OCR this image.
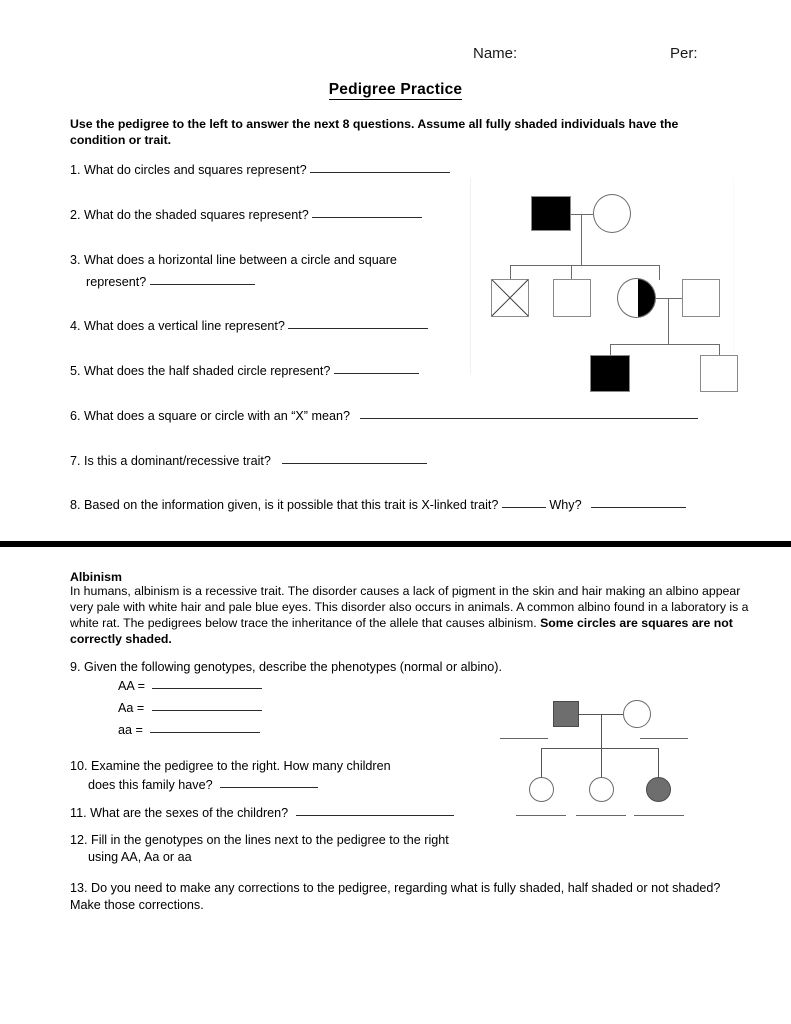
Name:	Per:
Pedigree Practice
Use the pedigree to the left to answer the next 8 questions. Assume all fully shaded individuals have the condition or trait.
1. What do circles and squares represent?
2. What do the shaded squares represent?
3. What does a horizontal line between a circle and square
represent?
4. What does a vertical line represent?
5. What does the half shaded circle represent?
6. What does a square or circle with an “X” mean?
7. Is this a dominant/recessive trait?
8. Based on the information given, is it possible that this trait is X-linked trait?	Why?
Albinism
In humans, albinism is a recessive trait. The disorder causes a lack of pigment in the skin and hair making an albino appear very pale with white hair and pale blue eyes. This disorder also occurs in animals. A common albino found in a laboratory is a white rat. The pedigrees below trace the inheritance of the allele that causes albinism. Some circles are squares are not correctly shaded.
9. Given the following genotypes, describe the phenotypes (normal or albino).
AA =
Aa =
aa =
10. Examine the pedigree to the right. How many children
does this family have?
11. What are the sexes of the children?
12. Fill in the genotypes on the lines next to the pedigree to the right
using AA, Aa or aa
13. Do you need to make any corrections to the pedigree, regarding what is fully shaded, half shaded or not shaded? Make those corrections.
